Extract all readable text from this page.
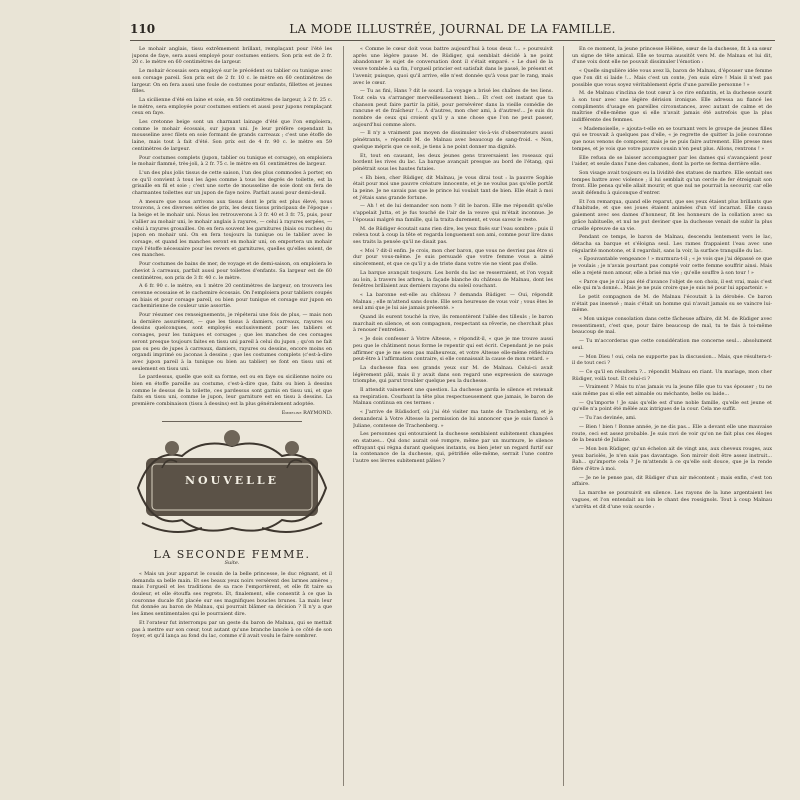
110	LA MODE ILLUSTRÉE, JOURNAL DE LA FAMILLE.

Le mohair anglais, tissu extrêmement brillant, remplaçant pour l'été les jupons de faye, sera aussi employé pour costumes entiers. Son prix est de 2 fr. 20 c. le mètre en 60 centimètres de largeur.

Le mohair écossais sera employé sur le précédent ou tablier ou tunique avec son corsage pareil. Son prix est de 2 fr. 10 c. le mètre en 60 centimètres de largeur. On en fera aussi une foule de costumes pour enfants, fillettes et jeunes filles.

La sicilienne d'été en laine et soie, en 50 centimètres de largeur, à 2 fr. 25 c. le mètre, sera employée pour costumes entiers et aussi pour jupons remplaçant ceux en faye.

Les cretonne beige sont un charmant lainage d'été que l'on emploiera, comme le mohair écossais, sur jupon uni. Je leur préfère cependant la mousseline avec filets en soie formant de grands carreaux ; c'est une étoffe de laine, mais tout à fait d'été. Son prix est de 4 fr. 90 c. le mètre en 59 centimètres de largeur.

Pour costumes complets (jupon, tablier ou tunique et corsage), on emploiera le mohair flammé, très-joli, à 2 fr. 75 c. le mètre en 61 centimètres de largeur.

L'un des plus jolis tissus de cette saison, l'un des plus commodes à porter, en ce qu'il convient à tous les âges comme à tous les degrés de toilette, est la grisaille en fil et soie ; c'est une sorte de mousseline de soie dont on fera de charmantes toilettes sur un jupon de faye noire. Parfait aussi pour demi-deuil.

A mesure que nous arrivons aux tissus dont le prix est plus élevé, nous trouvons, à ces diverses séries de prix, les deux tissus principaux de l'époque : la beige et le mohair uni. Nous les retrouverons à 3 fr. 40 et 3 fr. 75, puis, pour s'allier au mohair uni, le mohair anglais à rayures, — celui à rayures serpées, — celui à rayures grosailles. On en fera souvent les garnitures (biais ou ruches) du jupon en mohair uni. On en fera toujours la tunique ou le tablier avec le corsage, et quand les manches seront en mohair uni, on emportera un mohair rayé l'étoffe nécessaire pour les revers et garnitures, quelles qu'elles soient, de ces manches.

Pour costumes de bains de mer, de voyage et de demi-saison, on emploiera le cheviot à carreaux, parfait aussi pour toilettes d'enfants. Sa largeur est de 60 centimètres, son prix de 3 fr. 40 c. le mètre.

A 6 fr. 90 c. le mètre, en 1 mètre 20 centimètres de largeur, on trouvera les cevenne ecossaise et le cachemire écossais. On l'emploiera pour tabliers coupés en biais et pour corsage pareil, ou bien pour tunique et corsage sur jupon en cachemirienne de couleur unie assortie.

Pour résumer ces renseignements, je répéterai une fois de plus, — mais non la dernière assurément, — que les tissus à damiers, carreaux, rayures ou dessins quelconques, sont employés exclusivement pour les tabliers et corsages, pour les tuniques et corsages ; que les manches de ces corsages seront presque toujours faites en tissu uni pareil à celui du jupon ; qu'on ne fait pas ou peu de jupes à carreaux, damiers, rayures ou dessins, encore moins en organdi imprimé ou jaconas à dessins ; que les costumes complets (c'est-à-dire avec jupon pareil à la tunique ou bien au tablier) se font en tissu uni et seulement en tissu uni.

Le pardessus, quelle que soit sa forme, est ou en faye ou sicilienne noire ou bien en étoffe pareille au costume, c'est-à-dire que, faits ou bien à dessins comme le dessus de la toilette, ces pardessus sont garnis en tissu uni, et que faits en tissu uni, comme le jupon, leur garniture est en tissu à dessins. La première combinaison (tissu à dessins) est la plus généralement adoptée.

Emmeline RAYMOND.
NOUVELLE
LA SECONDE FEMME.
Suite.

« Mais un jour apparut le cousin de la belle princesse, le duc régnant, et il demanda sa belle main. Et ses beaux yeux noirs versèrent des larmes amères ; mais l'orgueil et les traditions de sa race l'emportèrent, et elle fit taire sa douleur, et elle étouffa ses regrets. Et, finalement, elle consentit à ce que la couronne ducale fût placée sur ses magnifiques boucles brunes. La main leur fut donnée au baron de Malnau, qui pourrait blâmer sa décision ? Il n'y a que les âmes sentimentales qui le pourraient dire.

Et l'orateur fut interrompu par un geste du baron de Malnau, qui se mettait pas à mettre sur son cœur, tout autant qu'une branche lancée à ce côté de son foyer, et qu'il lança au fond du lac, comme s'il avait voulu le faire sombrer.

« Comme le cœur doit vous battre aujourd'hui à tous deux !... » poursuivit après une légère pause M. de Rüdiger, qui semblait décidé à ne point abandonner le sujet de conversation dont il s'était emparé. « Le duel de la veuve tombée à sa fin, l'orgueil princier est satisfait dans le passé, le présent et l'avenir, puisque, quoi qu'il arrive, elle n'est donnée qu'à vous par le rang, mais avec le cœur.

— Tu as fini, Hans ? dit le sourd. La voyage a brisé les chaînes de tes liens. Tout cela va s'arranger merveilleusement bien... Et c'est cet instant que ta chanson peut faire partir la pitié, pour persévérer dans la vieille comédie de rancune et de fraîcheur !... À d'autres, mon cher ami, à d'autres!... Je suis du nombre de ceux qui croient qu'il y a une chose que l'on ne peut passer, aujourd'hui comme alors.

— Il n'y a vraiment pas moyen de dissimuler vis-à-vis d'observateurs aussi pénétrants, » répondit M. de Malnau avec beaucoup de sang-froid. « Non, quelque mépris que ce soit, je tiens à ne point donner ma dignité.

Et, tout en causant, les deux jeunes gens traversaient les roseaux qui bordent les rives du lac. La barque avançait presque au bord de l'étang, qui pénétrait sous les hautes futaies.

« Eh bien, cher Rüdiger, dit Malnau, je vous dirai tout : la pauvre Sophie était pour moi une pauvre créature innocente, et je ne voulus pas qu'elle portât la peine. Je ne savais pas que le prince lui voulait tant de bien. Elle était à moi et j'étais sans grande fortune.

— Ah ! et de lui demander son nom ? dit le baron. Elle me répondit qu'elle s'appelait Jutta, et je fus touché de l'air de la veuve qui m'était inconnue. Je l'épousai malgré ma famille, qui la traita durement, et vous savez le reste.

M. de Rüdiger écoutait sans rien dire, les yeux fixés sur l'eau sombre ; puis il releva tout à coup la tête et regarda longuement son ami, comme pour lire dans ses traits la pensée qu'il ne disait pas.

« Moi ? dit-il enfin. Je crois, mon cher baron, que vous ne devriez pas être si dur pour vous-même. Je suis persuadé que votre femme vous a aimé sincèrement, et que ce qu'il y a de triste dans votre vie ne vient pas d'elle.

La barque avançait toujours. Les bords du lac se resserraient, et l'on voyait au loin, à travers les arbres, la façade blanche du château de Malnau, dont les fenêtres brillaient aux derniers rayons du soleil couchant.

« La baronne est-elle au château ? demanda Rüdiger. — Oui, répondit Malnau ; elle m'attend sans doute. Elle sera heureuse de vous voir ; vous êtes le seul ami que je lui aie jamais présenté. »

Quand ils eurent touché la rive, ils remontèrent l'allée des tilleuls ; le baron marchait en silence, et son compagnon, respectant sa rêverie, ne cherchait plus à renouer l'entretien.

« Je dois confesser à Votre Altesse, » répondit-il, « que je me trouve aussi peu que le châtiment nous forme le repentir qui est écrit. Cependant je ne puis affirmer que je me sens pas malheureux, et votre Altesse elle-même réfléchira peut-être à l'affirmation contraire, si elle connaissait la cause de mon retard. »

La duchesse fixa ses grands yeux sur M. de Malnau. Celui-ci avait légèrement pâli, mais il y avait dans son regard une expression de sauvage triomphe, qui parut troubler quelque peu la duchesse.

Il attendit vainement une question. La duchesse garda le silence et retenait sa respiration. Courbant la tête plus respectueusement que jamais, le baron de Malnau continua en ces termes :

« J'arrive de Rüdisdorf, où j'ai été visiter ma tante de Trachenberg, et je demanderai à Votre Altesse la permission de lui annoncer que je suis fiancé à Juliane, comtesse de Trachenberg. »

Les personnes qui entouraient la duchesse semblaient subitement changées en statues... Qui donc aurait osé rompre, même par un murmure, le silence effrayant qui régna durant quelques instants, ou bien jeter un regard furtif sur la contenance de la duchesse, qui, pétrifiée elle-même, serrait l'une contre l'autre ses lèvres subitement pâlies ?

En ce moment, la jeune princesse Hélène, sœur de la duchesse, fit à sa sœur un signe de tête amical. Elle se tourna aussitôt vers M. de Malnau et lui dit, d'une voix dont elle ne pouvait dissimuler l'émotion :

« Quelle singulière idée vous avez là, baron de Malnau, d'épouser une femme que l'on dit si laide !... Mais c'est un conte, j'en suis sûre ! Mais il n'est pas possible que vous soyez véritablement épris d'une pareille personne ! »

M. de Malnau s'inclina de tout cœur à ce rire enfantin, et la duchesse sourit à son tour avec une légère dérision ironique. Elle adressa au fiancé les compliments d'usage en pareilles circonstances, avec autant de calme et de maîtrise d'elle-même que si elle n'avait jamais été autrefois que la plus indifférente des femmes.

« Mademoiselle, » ajouta-t-elle en se tournant vers le groupe de jeunes filles qui se trouvait à quelques pas d'elle, « je regrette de quitter la jolie couronne que nous venons de composer, mais je ne puis faire autrement. Elle presse mes tempes, et je vois que votre pauvre cousin n'en peut plus. Allons, rentrons ! »

Elle refusa de se laisser accompagner par les dames qui s'avançaient pour l'aider, et seule dans l'une des cabanes, dont la porte se ferma derrière elle.

Son visage avait toujours eu la lividité des statues de marbre. Elle sentait ses tempes battre avec violence ; il lui semblait qu'un cercle de fer étreignait son front. Elle pensa qu'elle allait mourir, et que nul ne pourrait la secourir, car elle avait défendu à quiconque d'entrer.

Et l'on remarqua, quand elle reparut, que ses yeux étaient plus brillants que d'habitude, et que ses joues étaient animées d'un vif incarnat. Elle causa gaiement avec ses dames d'honneur, fit les honneurs de la collation avec sa grâce habituelle, et nul ne put deviner que la duchesse venait de subir la plus cruelle épreuve de sa vie.

Pendant ce temps, le baron de Malnau, descendu lentement vers le lac, détacha sa barque et s'éloigna seul. Les rames frappaient l'eau avec une régularité monotone, et il regardait, sans la voir, la surface tranquille du lac.

« Épouvantable vengeance ! » murmura-t-il ; « je vois que j'ai dépassé ce que je voulais ; je n'avais pourtant pas compté voir cette femme souffrir ainsi. Mais elle a rejeté mon amour, elle a brisé ma vie ; qu'elle souffre à son tour ! »

« Parce que je n'ai pas été d'avance l'objet de son choix, il est vrai, mais c'est elle qui m'a donné... Mais je ne puis croire que je suis né pour lui appartenir. »

Le petit compagnon de M. de Malnau l'écoutait à la dérobée. Ce baron n'était pas insensé ; mais c'était un homme qui n'avait jamais su se vaincre lui-même.

« Mon unique consolation dans cette fâcheuse affaire, dit M. de Rüdiger avec ressentiment, c'est que, pour faire beaucoup de mal, tu te fais à toi-même beaucoup de mal.

— Tu m'accorderas que cette considération me concerne seul... absolument seul.

— Mon Dieu ! oui, cela ne supporte pas la discussion... Mais, que résultera-t-il de tout ceci ?

— Ce qu'il en résultera ?... répondit Malnau en riant. Un mariage, mon cher Rüdiger, voilà tout. Et celui-ci ?

— Vraiment ? Mais tu n'as jamais vu la jeune fille que tu vas épouser ; tu ne sais même pas si elle est aimable ou méchante, belle ou laide...

— Qu'importe ! Je sais qu'elle est d'une noble famille, qu'elle est jeune et qu'elle n'a point été mêlée aux intrigues de la cour. Cela me suffit.

— Tu l'as devinée, ami.

— Bien ! bien ! Bonne année, je ne dis pas... Elle a devant elle une mauvaise route, ceci est assez probable. Je suis ravi de voir qu'on ne fait plus ces éloges de la beauté de Juliane.

— Mon bon Rüdiger, qu'un échelon ait de vingt ans, aux cheveux rouges, aux yeux bariolés, Je n'en sais pas davantage. Son miroir doit être assez instruit... Bah... qu'importe cela ? Je m'attends à ce qu'elle soit douce, que je la rende fière d'être à moi.

— Je ne le pense pas, dit Rüdiger d'un air mécontent ; mais enfin, c'est ton affaire.

La marche se poursuivit en silence. Les rayons de la lune argentaient les vagues, et l'on entendait au loin le chant des rossignols. Tout à coup Malnau s'arrêta et dit d'une voix sourde :
